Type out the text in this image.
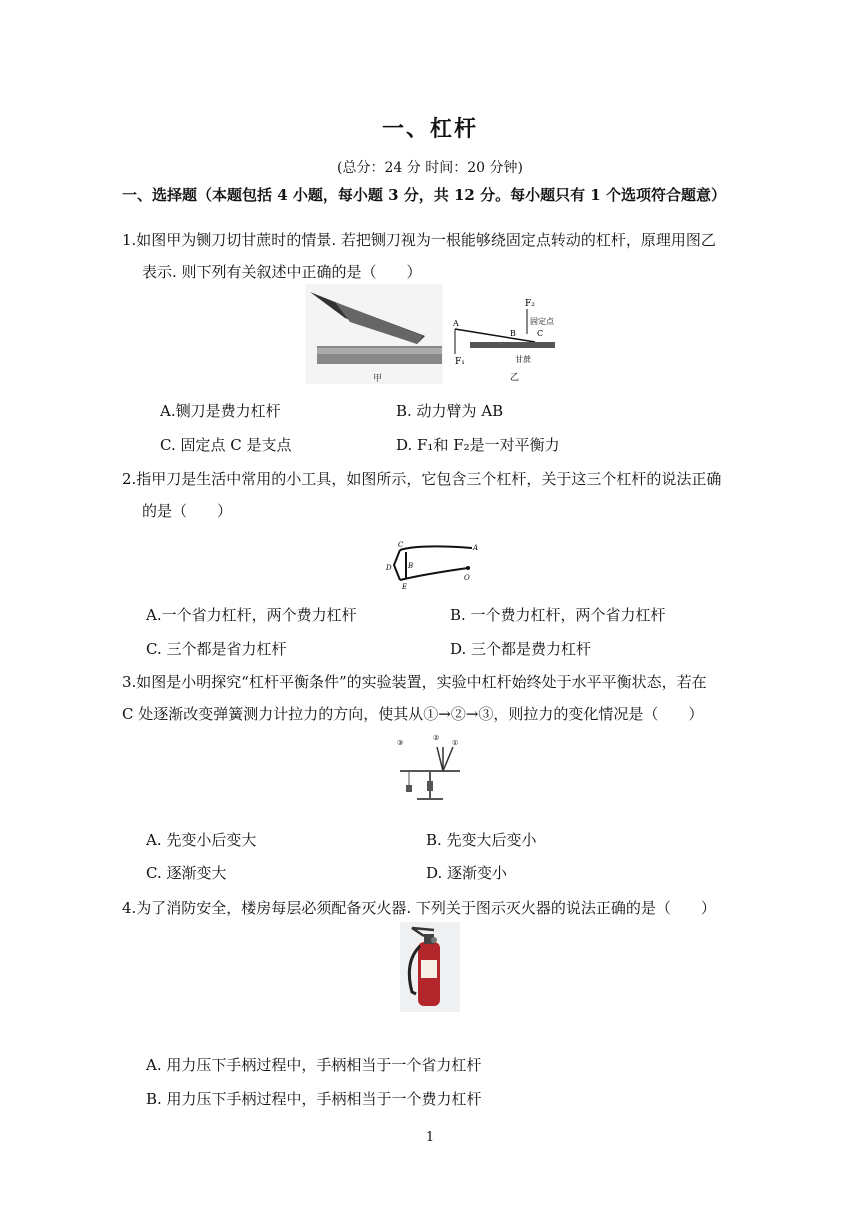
一、杠杆
(总分：24 分 时间：20 分钟)
一、选择题（本题包括 4 小题，每小题 3 分，共 12 分。每小题只有 1 个选项符合题意）
1.如图甲为铡刀切甘蔗时的情景. 若把铡刀视为一根能够绕固定点转动的杠杆，原理用图乙
表示. 则下列有关叙述中正确的是（　　）
甲
A
B	C
F₁
F₂
固定点
甘蔗
乙
A.铡刀是费力杠杆	B. 动力臂为 AB
C. 固定点 C 是支点	D. F₁和 F₂是一对平衡力
2.指甲刀是生活中常用的小工具，如图所示，它包含三个杠杆，关于这三个杠杆的说法正确
的是（　　）
C	A
B
D
E
O
A.一个省力杠杆，两个费力杠杆	B. 一个费力杠杆，两个省力杠杆
C. 三个都是省力杠杆	D. 三个都是费力杠杆
3.如图是小明探究“杠杆平衡条件”的实验装置，实验中杠杆始终处于水平平衡状态，若在
C 处逐渐改变弹簧测力计拉力的方向，使其从①→②→③，则拉力的变化情况是（　　）
③
②
①
A. 先变小后变大	B. 先变大后变小
C. 逐渐变大	D. 逐渐变小
4.为了消防安全，楼房每层必须配备灭火器. 下列关于图示灭火器的说法正确的是（　　）
A. 用力压下手柄过程中，手柄相当于一个省力杠杆
B. 用力压下手柄过程中，手柄相当于一个费力杠杆
1
